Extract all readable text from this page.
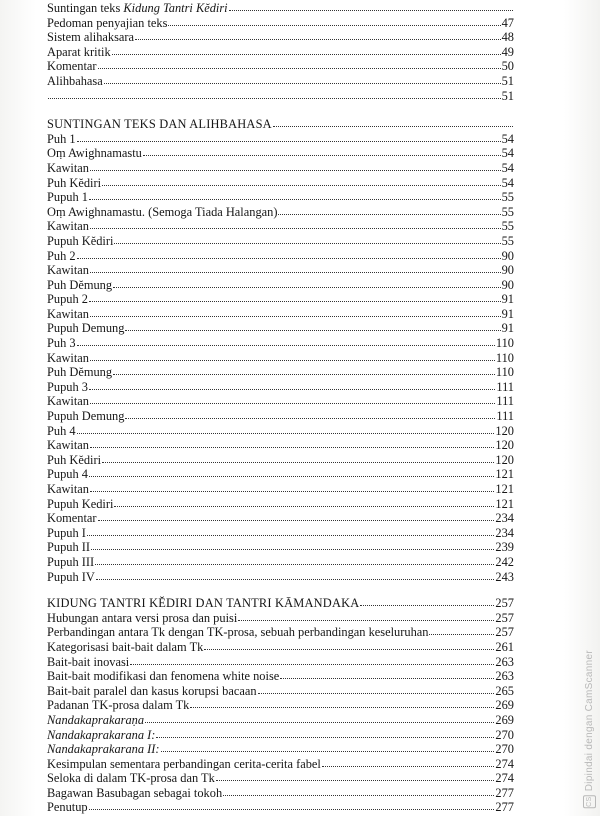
Suntingan teks Kidung Tantri Kĕdiri
Pedoman penyajian teks	47
Sistem alihaksara	48
Aparat kritik	49
Komentar	50
Alihbahasa	51
51
SUNTINGAN TEKS DAN ALIHBAHASA
Puh 1	54
Oṃ Awighnamastu	54
Kawitan	54
Puh Kĕdiri	54
Pupuh 1	55
Oṃ Awighnamastu. (Semoga Tiada Halangan)	55
Kawitan	55
Pupuh Kĕdiri	55
Puh 2	90
Kawitan	90
Puh Dĕmung	90
Pupuh 2	91
Kawitan	91
Pupuh Demung	91
Puh 3	110
Kawitan	110
Puh Dĕmung	110
Pupuh 3	111
Kawitan	111
Pupuh Demung	111
Puh 4	120
Kawitan	120
Puh Kĕdiri	120
Pupuh 4	121
Kawitan	121
Pupuh Kediri	121
Komentar	234
Pupuh I	234
Pupuh II	239
Pupuh III	242
Pupuh IV	243
KIDUNG TANTRI KĔDIRI DAN TANTRI KĀMANDAKA	257
Hubungan antara versi prosa dan puisi	257
Perbandingan antara Tk dengan TK-prosa, sebuah perbandingan keseluruhan	257
Kategorisasi bait-bait dalam Tk	261
Bait-bait inovasi	263
Bait-bait modifikasi dan fenomena white noise	263
Bait-bait paralel dan kasus korupsi bacaan	265
Padanan TK-prosa dalam Tk	269
Nandakaprakaraṇa	269
Nandakaprakarana I:	270
Nandakaprakarana II:	270
Kesimpulan sementara perbandingan cerita-cerita fabel	274
Seloka di dalam TK-prosa dan Tk	274
Bagawan Basubagan sebagai tokoh	277
Penutup	277	CS
Dipindai dengan CamScanner
